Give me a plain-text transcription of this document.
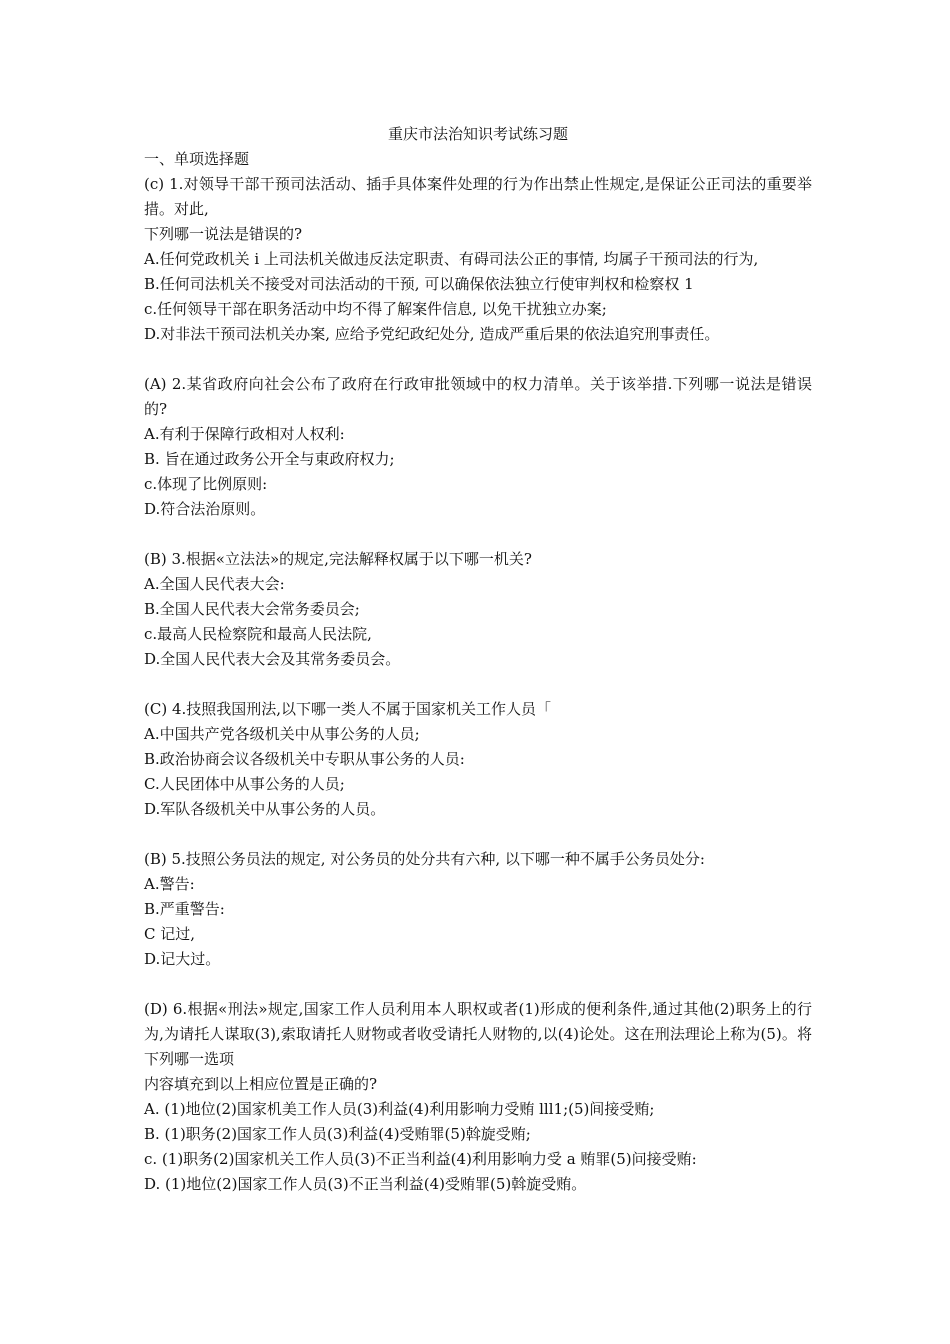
重庆市法治知识考试练习题

一、单项选择题

(c) 1.对领导干部干预司法活动、插手具体案件处理的行为作出禁止性规定,是保证公正司法的重要举措。对此,

下列哪一说法是错误的?

A.任何党政机关 i 上司法机关做违反法定职责、有碍司法公正的事情, 均属子干预司法的行为,
B.任何司法机关不接受对司法活动的干预, 可以确保依法独立行使审判权和检察权 1
c.任何领导干部在职务活动中均不得了解案件信息, 以免干扰独立办案;
D.对非法干预司法机关办案, 应给予党纪政纪处分, 造成严重后果的依法追究刑事责任。

(A) 2.某省政府向社会公布了政府在行政审批领域中的权力清单。关于该举措.下列哪一说法是错误的?

A.有利于保障行政相对人权利:
B. 旨在通过政务公开全与東政府权力;
c.体现了比例原则:
D.符合法治原则。

(B) 3.根据«立法法»的规定,完法解释权属于以下哪一机关?

A.全国人民代表大会:
B.全国人民代表大会常务委员会;
c.最高人民检察院和最高人民法院,
D.全国人民代表大会及其常务委员会。

(C) 4.技照我国刑法,以下哪一类人不属于国家机关工作人员「

A.中国共产党各级机关中从事公务的人员;
B.政治协商会议各级机关中专职从事公务的人员:
C.人民团体中从事公务的人员;
D.军队各级机关中从事公务的人员。

(B) 5.技照公务员法的规定, 对公务员的处分共有六种, 以下哪一种不属手公务员处分:

A.警告:
B.严重警告:
C 记过,
D.记大过。

(D) 6.根据«刑法»规定,国家工作人员利用本人职权或者(1)形成的便利条件,通过其他(2)职务上的行为,为请托人谋取(3),索取请托人财物或者收受请托人财物的,以(4)论处。这在刑法理论上称为(5)。将下列哪一选项

内容填充到以上相应位置是正确的?

A. (1)地位(2)国家机美工作人员(3)利益(4)利用影响力受贿 lll1;(5)间接受贿;
B. (1)职务(2)国家工作人员(3)利益(4)受贿罪(5)斡旋受贿;
c. (1)职务(2)国家机关工作人员(3)不正当利益(4)利用影响力受 a 贿罪(5)问接受贿:
D. (1)地位(2)国家工作人员(3)不正当利益(4)受贿罪(5)斡旋受贿。
